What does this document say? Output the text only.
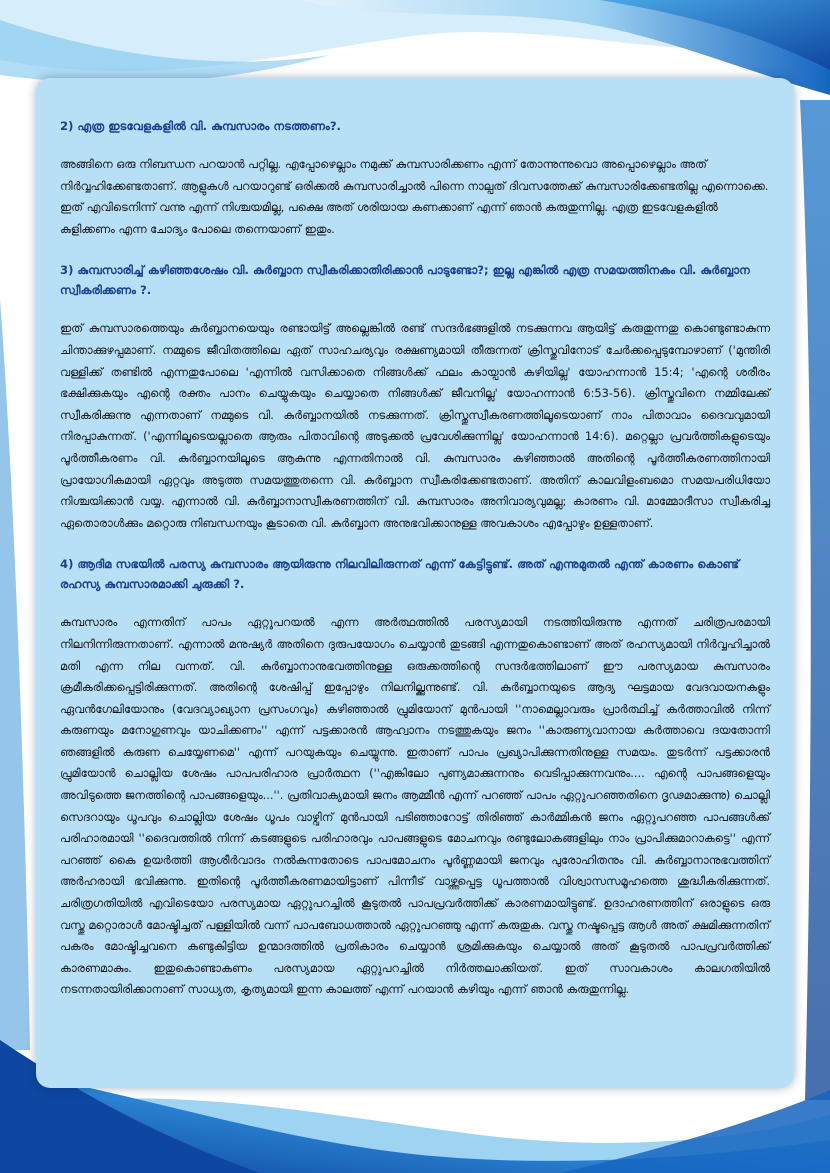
2) എത്ര ഇടവേളകളിൽ വി. കുമ്പസാരം നടത്തണം?.
അങ്ങിനെ ഒരു നിബന്ധന പറയാൻ പറ്റില്ല. എപ്പോഴെല്ലാം നമുക്ക് കുമ്പസാരിക്കണം എന്ന് തോന്നുന്നുവൊ അപ്പൊഴെല്ലാം അത് നിർവ്വഹിക്കേണ്ടതാണ്. ആളുകൾ പറയാറുണ്ട് ഒരിക്കൽ കുമ്പസാരിച്ചാൽ പിന്നെ നാല്പത് ദിവസത്തേക്ക് കുമ്പസാരിക്കേണ്ടതില്ല എന്നൊക്കെ. ഇത് എവിടെനിന്ന് വന്നു എന്ന് നിശ്ചയമില്ല, പക്ഷെ അത് ശരിയായ കണക്കാണ് എന്ന് ഞാൻ കരുതുന്നില്ല. എത്ര ഇടവേളകളിൽ കുളിക്കണം എന്ന ചോദ്യം പോലെ തന്നെയാണ് ഇതും.
3) കുമ്പസാരിച്ച് കഴിഞ്ഞശേഷം വി. കുർബ്ബാന സ്വീകരിക്കാതിരിക്കാൻ പാടുണ്ടോ?; ഇല്ല എങ്കിൽ എത്ര സമയത്തിനകം വി. കുർബ്ബാന സ്വീകരിക്കണം ?.
ഇത് കുമ്പസാരത്തെയും കുർബ്ബാനയെയും രണ്ടായിട്ട് അല്ലെങ്കിൽ രണ്ട് സന്ദർഭങ്ങളിൽ നടക്കുന്നവ ആയിട്ട് കരുതുന്നതു കൊണ്ടുണ്ടാകുന്ന ചിന്താക്കുഴപ്പമാണ്. നമ്മുടെ ജീവിതത്തിലെ ഏത് സാഹചര്യവും രക്ഷണ്യമായി തീരുന്നത് ക്രിസ്തുവിനോട് ചേർക്കപ്പെടുമ്പോഴാണ് ('മുന്തിരി വള്ളിക്ക് തണ്ടിൽ എന്നതുപോലെ 'എന്നിൽ വസിക്കാതെ നിങ്ങൾക്ക് ഫലം കായ്പാൻ കഴിയില്ല' യോഹന്നാൻ 15:4; 'എന്റെ ശരീരം ഭക്ഷിക്കുകയും എന്റെ രക്തം പാനം ചെയ്യുകയും ചെയ്യാതെ നിങ്ങൾക്ക് ജീവനില്ല' യോഹന്നാൻ 6:53-56). ക്രിസ്തുവിനെ നമ്മിലേക്ക് സ്വീകരിക്കുന്നു എന്നതാണ് നമ്മുടെ വി. കുർബ്ബാനയിൽ നടക്കുന്നത്. ക്രിസ്തുസ്വീകരണത്തിലൂടെയാണ് നാം പിതാവാം ദൈവവുമായി നിരപ്പാകുന്നത്. ('എന്നിലൂടെയല്ലാതെ ആരും പിതാവിന്റെ അടുക്കൽ പ്രവേശിക്കുന്നില്ല' യോഹന്നാൻ 14:6). മറ്റെല്ലാ പ്രവർത്തികളുടെയും പൂർത്തീകരണം വി. കുർബ്ബാനയിലൂടെ ആകുന്നു എന്നതിനാൽ വി. കുമ്പസാരം കഴിഞ്ഞാൽ അതിന്റെ പൂർത്തീകരണത്തിനായി പ്രായോഗികമായി ഏറ്റവും അടുത്ത സമയത്തുതന്നെ വി. കുർബ്ബാന സ്വീകരിക്കേണ്ടതാണ്. അതിന് കാലവിളംബമൊ സമയപരിധിയോ നിശ്ചയിക്കാൻ വയ്യ. എന്നാൽ വി. കുർബ്ബാനാസ്വീകരണത്തിന് വി. കുമ്പസാരം അനിവാര്യവുമല്ല; കാരണം വി. മാമ്മോദീസാ സ്വീകരിച്ച ഏതൊരാൾക്കും മറ്റൊരു നിബന്ധനയും കൂടാതെ വി. കുർബ്ബാന അനുഭവിക്കാനുള്ള അവകാശം എപ്പോഴും ഉള്ളതാണ്.
4) ആദിമ സഭയിൽ പരസ്യ കുമ്പസാരം ആയിരുന്നു നിലവിലിരുന്നത് എന്ന് കേട്ടിട്ടുണ്ട്. അത് എന്നുമുതൽ എന്ത് കാരണം കൊണ്ട് രഹസ്യ കുമ്പസാരമാക്കി ചുരുക്കി ?.
കുമ്പസാരം എന്നതിന് പാപം ഏറ്റുപറയൽ എന്ന അർത്ഥത്തിൽ പരസ്യമായി നടത്തിയിരുന്നു എന്നത് ചരിത്രപരമായി നിലനിന്നിരുന്നതാണ്. എന്നാൽ മനുഷ്യർ അതിനെ ദുരുപയോഗം ചെയ്യാൻ തുടങ്ങി എന്നതുകൊണ്ടാണ് അത് രഹസ്യമായി നിർവ്വഹിച്ചാൽ മതി എന്ന നില വന്നത്. വി. കുർബ്ബാനാനുഭവത്തിനുള്ള ഒരുക്കത്തിന്റെ സന്ദർഭത്തിലാണ് ഈ പരസ്യമായ കുമ്പസാരം ക്രമീകരിക്കപ്പെട്ടിരിക്കുന്നത്. അതിന്റെ ശേഷിപ്പ് ഇപ്പോഴും നിലനില്ക്കുന്നുണ്ട്. വി. കുർബ്ബാനയുടെ ആദ്യ ഘട്ടമായ വേദവായനകളും ഏവൻഗേലിയോനും (വേദവ്യാഖ്യാന പ്രസംഗവും) കഴിഞ്ഞാൽ പ്രുമിയോന് മുൻപായി ''നാമെല്ലാവരും പ്രാർത്ഥിച്ച് കർത്താവിൽ നിന്ന് കരുണയും മനോഗുണവും യാചിക്കണം'' എന്ന് പട്ടക്കാരൻ ആഹ്വാനം നടത്തുകയും ജനം ''കാരുണ്യവാനായ കർത്താവെ ദയതോന്നി ഞങ്ങളിൽ കരുണ ചെയ്യേണമെ'' എന്ന് പറയുകയും ചെയ്യുന്നു. ഇതാണ് പാപം പ്രഖ്യാപിക്കുന്നതിനുള്ള സമയം. തുടർന്ന് പട്ടക്കാരൻ പ്രുമിയോൻ ചൊല്ലിയ ശേഷം പാപപരിഹാര പ്രാർത്ഥന (''എങ്കിലോ പുണ്യമാക്കുന്നനും വെടിപ്പാക്കുന്നവനും.... എന്റെ പാപങ്ങളെയും അവിടുത്തെ ജനത്തിന്റെ പാപങ്ങളെയും...''. പ്രതിവാക്യമായി ജനം ആമ്മീൻ എന്ന് പറഞ്ഞ് പാപം ഏറ്റുപറഞ്ഞതിനെ ദൃഢമാക്കുന്നു) ചൊല്ലി സെദറായും ധൂപവും ചൊല്ലിയ ശേഷം ധൂപം വാഴ്വിന് മുൻപായി പടിഞ്ഞാറോട്ട് തിരിഞ്ഞ് കാർമ്മികൻ ജനം ഏറ്റുപറഞ്ഞ പാപങ്ങൾക്ക് പരിഹാരമായി ''ദൈവത്തിൽ നിന്ന് കടങ്ങളുടെ പരിഹാരവും പാപങ്ങളുടെ മോചനവും രണ്ടുലോകങ്ങളിലും നാം പ്രാപിക്കുമാറാകട്ടെ'' എന്ന് പറഞ്ഞ് കൈ ഉയർത്തി ആശീർവാദം നൽകുന്നതോടെ പാപമോചനം പൂർണ്ണമായി ജനവും പുരോഹിതനും വി. കുർബ്ബാനാനുഭവത്തിന് അർഹരായി ഭവിക്കുന്നു. ഇതിന്റെ പൂർത്തീകരണമായിട്ടാണ് പിന്നീട് വാഴ്ത്തപ്പെട്ട ധൂപത്താൽ വിശ്വാസസമൂഹത്തെ ശുദ്ധീകരിക്കുന്നത്. ചരിത്രഗതിയിൽ എവിടെയോ പരസ്യമായ ഏറ്റുപറച്ചിൽ കൂടുതൽ പാപപ്രവർത്തിക്ക് കാരണമായിട്ടുണ്ട്. ഉദാഹരണത്തിന് ഒരാളുടെ ഒരു വസ്തു മറ്റൊരാൾ മോഷ്ടിച്ചത് പള്ളിയിൽ വന്ന് പാപബോധത്താൽ ഏറ്റുപറഞ്ഞു എന്ന് കരുതുക. വസ്തു നഷ്ടപ്പെട്ട ആൾ അത് ക്ഷമിക്കുന്നതിന് പകരം മോഷ്ടിച്ചവനെ കണ്ടുകിട്ടിയ ഉന്മാദത്തിൽ പ്രതികാരം ചെയ്യാൻ ശ്രമിക്കുകയും ചെയ്യാൽ അത് കൂടുതൽ പാപപ്രവർത്തിക്ക് കാരണമാകും. ഇതുകൊണ്ടാകണം പരസ്യമായ ഏറ്റുപറച്ചിൽ നിർത്തലാക്കിയത്. ഇത് സാവകാശം കാലഗതിയിൽ നടന്നതായിരിക്കാനാണ് സാധ്യത, കൃത്യമായി ഇന്ന കാലത്ത് എന്ന് പറയാൻ കഴിയും എന്ന് ഞാൻ കരുതുന്നില്ല.
